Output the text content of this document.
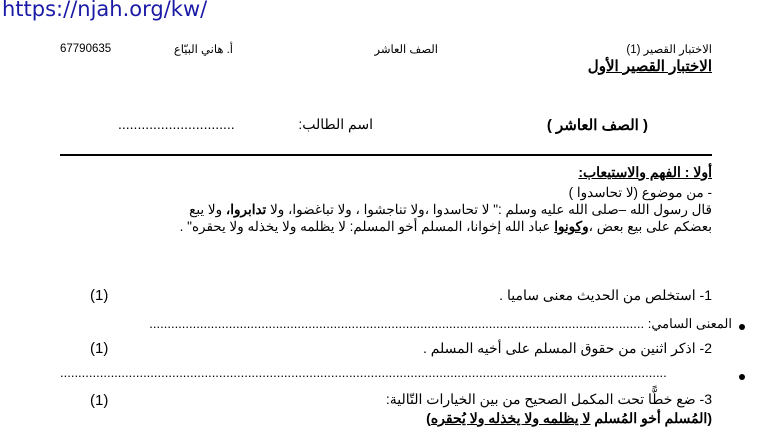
https://njah.org/kw/
67790635	أ. هاني البيّاع	الصف العاشر	الاختبار القصير (1)
الاختبار القصير الأول
..............................	اسم الطالب:	( الصف العاشر )
أولا : الفهم والاستيعاب:
- من موضوع (لا تحاسدوا )
قال رسول الله –صلى الله عليه وسلم :" لا تحاسدوا ،ولا تناجشوا ، ولا تباغضوا، ولا تدابروا، ولا يبع
بعضكم على بيع بعض ،وكونوا عباد الله إخوانا، المسلم أخو المسلم: لا يظلمه ولا يخذله ولا يحقره" .
(1)	1- استخلص من الحديث معنى ساميا .
المعنى السامي: .........................................................................................................................................
(1)	2- اذكر اثنين من حقوق المسلم على أخيه المسلم .
........................................................................................................................................................................
(1)	3- ضع خطًّا تحت المكمل الصحيح من بين الخيارات التّالية:
(المُسلم أخو المُسلم لا يظلمه ولا يخذله ولا يُحقره)
